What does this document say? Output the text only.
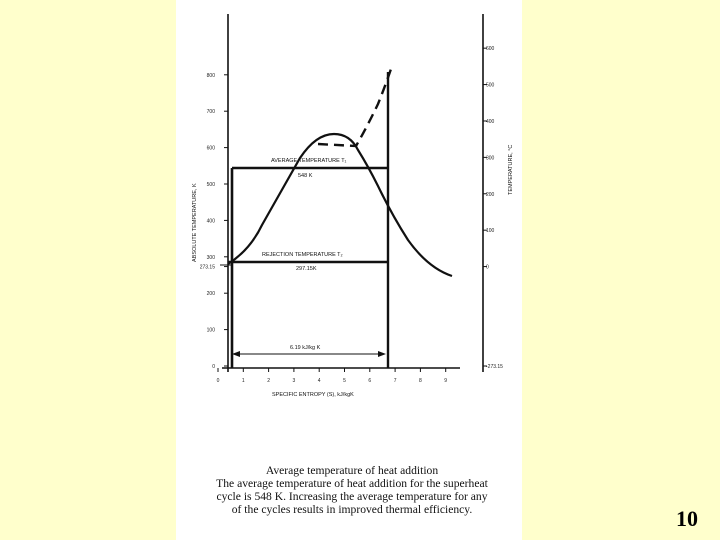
0
100
200
273.15
300
400
500
600
700
800
-273.15
0
100
200
300
400
500
600
0	1	2	3	4	5	6	7	8	9
ABSOLUTE TEMPERATURE, K
TEMPERATURE, °C
SPECIFIC ENTROPY (S), kJ/kgK
AVERAGE TEMPERATURE T₁
548 K
REJECTION TEMPERATURE T₂
297.15K
6.19 kJ/kg K
Average temperature of heat addition
The average temperature of heat addition for the superheat
cycle is 548 K. Increasing the average temperature for any
of the cycles results in improved thermal efficiency.	10
